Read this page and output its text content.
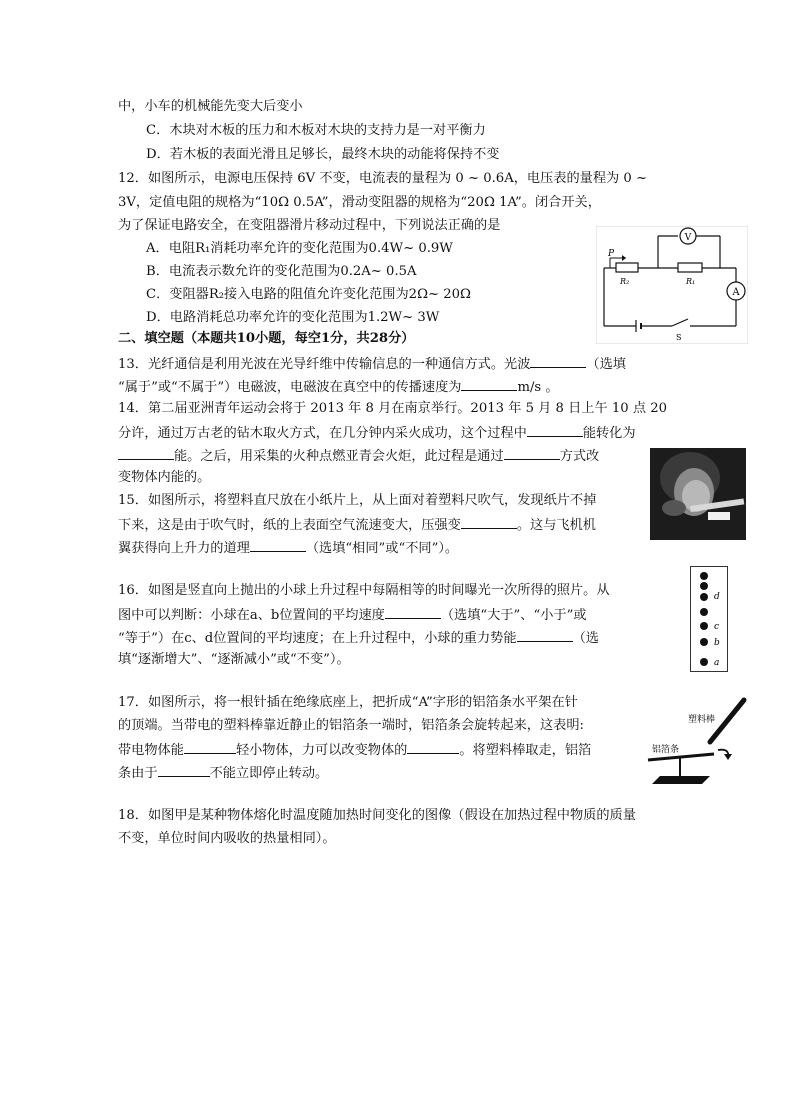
中，小车的机械能先变大后变小
C．木块对木板的压力和木板对木块的支持力是一对平衡力
D．若木板的表面光滑且足够长，最终木块的动能将保持不变
12．如图所示，电源电压保持 6V 不变，电流表的量程为 0 ~ 0.6A，电压表的量程为 0 ~
3V，定值电阻的规格为“10Ω 0.5A”，滑动变阻器的规格为“20Ω 1A”。闭合开关，
为了保证电路安全，在变阻器滑片移动过程中，下列说法正确的是
A．电阻R₁消耗功率允许的变化范围为0.4W~ 0.9W
B．电流表示数允许的变化范围为0.2A~ 0.5A
C．变阻器R₂接入电路的阻值允许变化范围为2Ω~ 20Ω
D．电路消耗总功率允许的变化范围为1.2W~ 3W
二、填空题（本题共10小题，每空1分，共28分）
13．光纤通信是利用光波在光导纤维中传输信息的一种通信方式。光波	（选填
“属于”或“不属于”）电磁波，电磁波在真空中的传播速度为	m/s 。
14．第二届亚洲青年运动会将于 2013 年 8 月在南京举行。2013 年 5 月 8 日上午 10 点 20
分许，通过万古老的钻木取火方式，在几分钟内采火成功，这个过程中	能转化为
能。之后，用采集的火种点燃亚青会火炬，此过程是通过	方式改
变物体内能的。
15．如图所示，将塑料直尺放在小纸片上，从上面对着塑料尺吹气，发现纸片不掉
下来，这是由于吹气时，纸的上表面空气流速变大，压强变	。这与飞机机
翼获得向上升力的道理	（选填“相同”或“不同”）。
16．如图是竖直向上抛出的小球上升过程中每隔相等的时间曝光一次所得的照片。从
图中可以判断：小球在a、b位置间的平均速度	（选填“大于”、“小于”或
“等于”）在c、d位置间的平均速度；在上升过程中，小球的重力势能	（选
填“逐渐增大”、“逐渐减小”或“不变”）。
17．如图所示，将一根针插在绝缘底座上，把折成“A”字形的铝箔条水平架在针
的顶端。当带电的塑料棒靠近静止的铝箔条一端时，铝箔条会旋转起来，这表明:
带电物体能	轻小物体，力可以改变物体的	。将塑料棒取走，铝箔
条由于	不能立即停止转动。
18．如图甲是某种物体熔化时温度随加热时间变化的图像（假设在加热过程中物质的质量
不变，单位时间内吸收的热量相同）。
A
V
P
R₂	R₁
S
d
c
b
a
塑料棒
铝箔条
